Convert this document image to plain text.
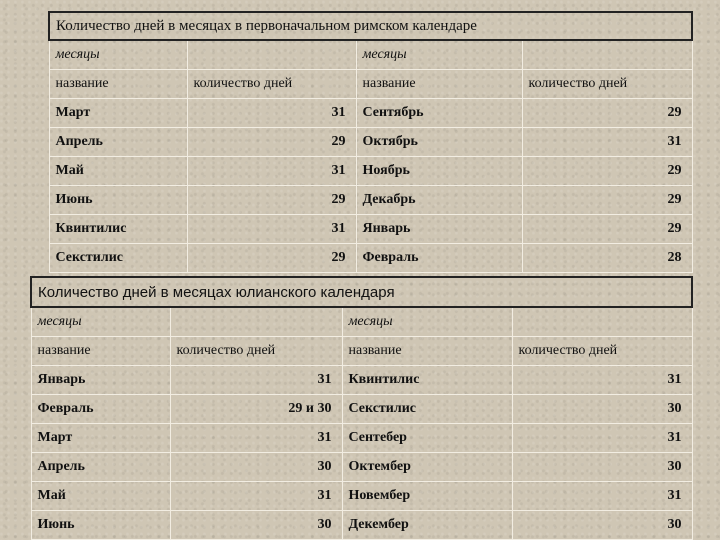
Количество дней в месяцах в первоначальном римском календаре			
месяцы		месяцы	
название	количество дней	название	количество дней
Март	31	Сентябрь	29
Апрель	29	Октябрь	31
Май	31	Ноябрь	29
Июнь	29	Декабрь	29
Квинтилис	31	Январь	29
Секстилис	29	Февраль	28
Количество дней в месяцах юлианского календаря			
месяцы		месяцы	
название	количество дней	название	количество дней
Январь	31	Квинтилис	31
Февраль	29 и 30	Секстилис	30
Март	31	Сентебер	31
Апрель	30	Октембер	30
Май	31	Новембер	31
Июнь	30	Декембер	30
